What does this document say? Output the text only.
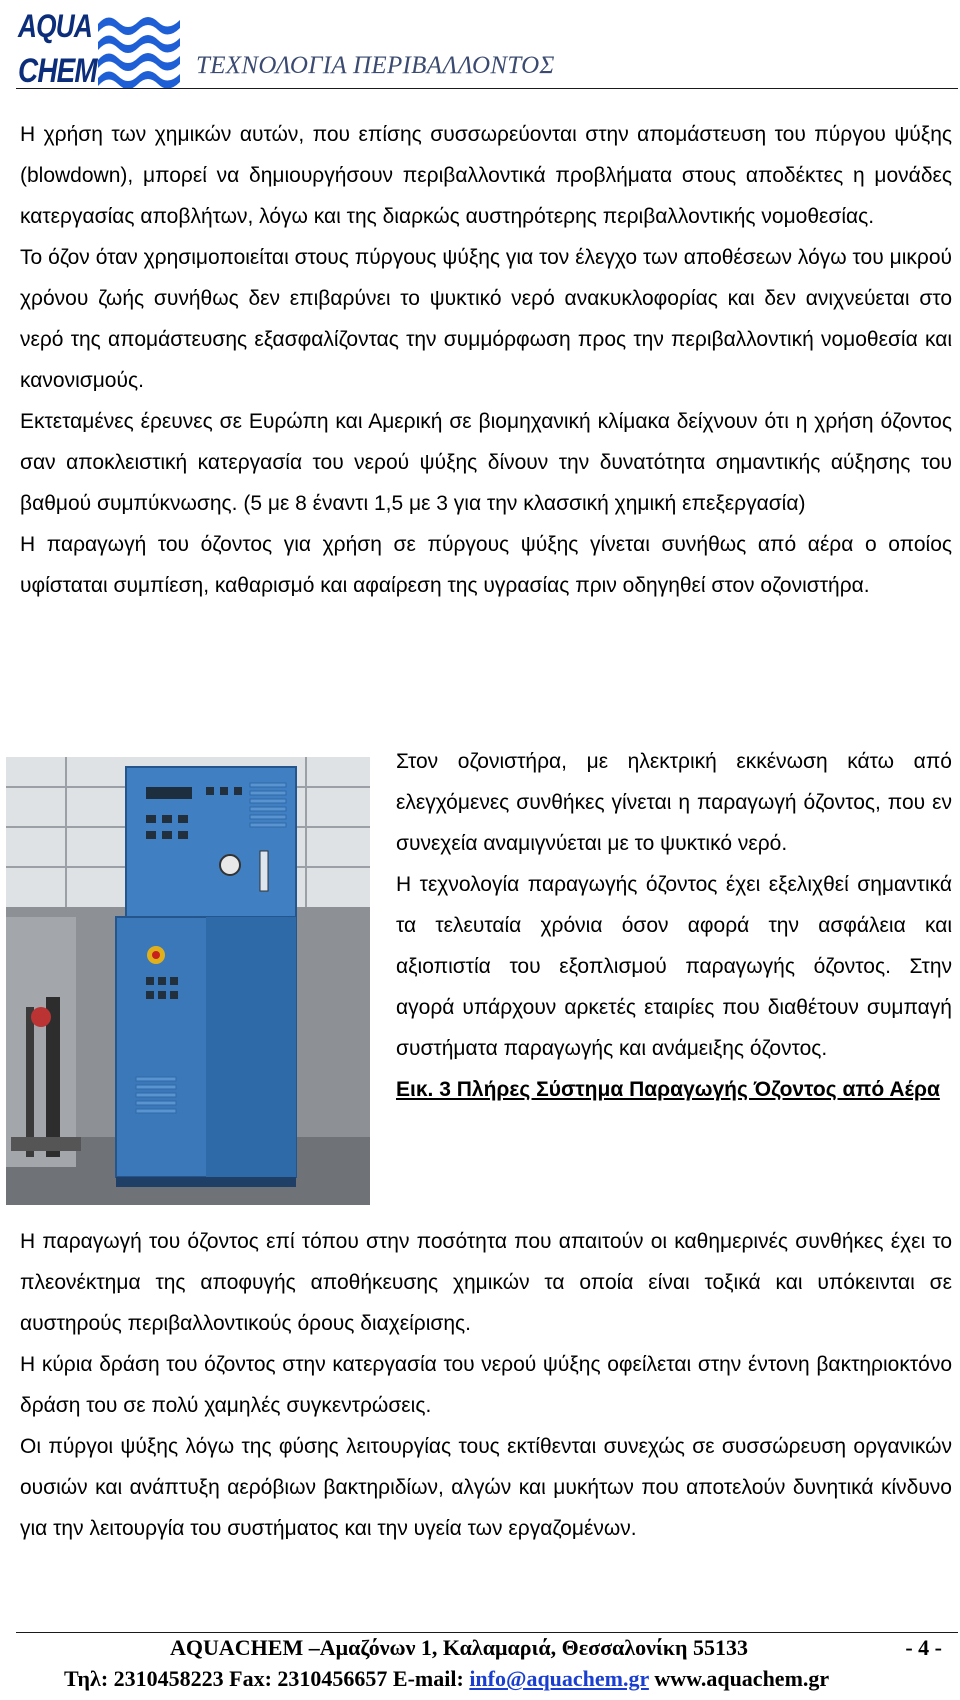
AQUA
CHEM	ΤΕΧΝΟΛΟΓΙΑ ΠΕΡΙΒΑΛΛΟΝΤΟΣ

Η χρήση των χημικών αυτών, που επίσης συσσωρεύονται στην απομάστευση του πύργου ψύξης (blowdown), μπορεί να δημιουργήσουν περιβαλλοντικά προβλήματα στους αποδέκτες η μονάδες κατεργασίας αποβλήτων, λόγω και της διαρκώς αυστηρότερης περιβαλλοντικής νομοθεσίας.

Το όζον όταν χρησιμοποιείται στους πύργους ψύξης για τον έλεγχο των αποθέσεων λόγω του μικρού χρόνου ζωής συνήθως δεν επιβαρύνει το ψυκτικό νερό ανακυκλοφορίας και δεν ανιχνεύεται στο νερό της απομάστευσης εξασφαλίζοντας την συμμόρφωση προς την περιβαλλοντική νομοθεσία και κανονισμούς.

Εκτεταμένες έρευνες σε Ευρώπη και Αμερική σε βιομηχανική κλίμακα δείχνουν ότι η χρήση όζοντος σαν αποκλειστική κατεργασία του νερού ψύξης δίνουν την δυνατότητα σημαντικής αύξησης του βαθμού συμπύκνωσης. (5 με 8 έναντι 1,5 με 3 για την κλασσική χημική επεξεργασία)

Η παραγωγή του όζοντος για χρήση σε πύργους ψύξης γίνεται συνήθως από αέρα ο οποίος υφίσταται συμπίεση, καθαρισμό και αφαίρεση της υγρασίας πριν οδηγηθεί στον οζονιστήρα.

Στον οζονιστήρα, με ηλεκτρική εκκένωση κάτω από ελεγχόμενες συνθήκες γίνεται η παραγωγή όζοντος, που εν συνεχεία αναμιγνύεται με το ψυκτικό νερό.

Η τεχνολογία παραγωγής όζοντος έχει εξελιχθεί σημαντικά τα τελευταία χρόνια όσον αφορά την ασφάλεια και αξιοπιστία του εξοπλισμού παραγωγής όζοντος. Στην αγορά υπάρχουν αρκετές εταιρίες που διαθέτουν συμπαγή συστήματα παραγωγής και ανάμειξης όζοντος.

Εικ. 3 Πλήρες Σύστημα Παραγωγής Όζοντος από Αέρα

Η παραγωγή του όζοντος επί τόπου στην ποσότητα που απαιτούν οι καθημερινές συνθήκες έχει το πλεονέκτημα της αποφυγής αποθήκευσης χημικών τα οποία είναι τοξικά και υπόκεινται σε αυστηρούς περιβαλλοντικούς όρους διαχείρισης.

Η κύρια δράση του όζοντος στην κατεργασία του νερού ψύξης οφείλεται στην έντονη βακτηριοκτόνο δράση του σε πολύ χαμηλές συγκεντρώσεις.

Οι πύργοι ψύξης λόγω της φύσης λειτουργίας τους εκτίθενται συνεχώς σε συσσώρευση οργανικών ουσιών και ανάπτυξη αερόβιων βακτηριδίων, αλγών και μυκήτων που αποτελούν δυνητικά κίνδυνο για την λειτουργία του συστήματος και την υγεία των εργαζομένων.

AQUACHEM –Αμαζόνων 1, Καλαμαριά, Θεσσαλονίκη 55133	- 4 -
Τηλ: 2310458223 Fax: 2310456657 E-mail: info@aquachem.gr www.aquachem.gr
